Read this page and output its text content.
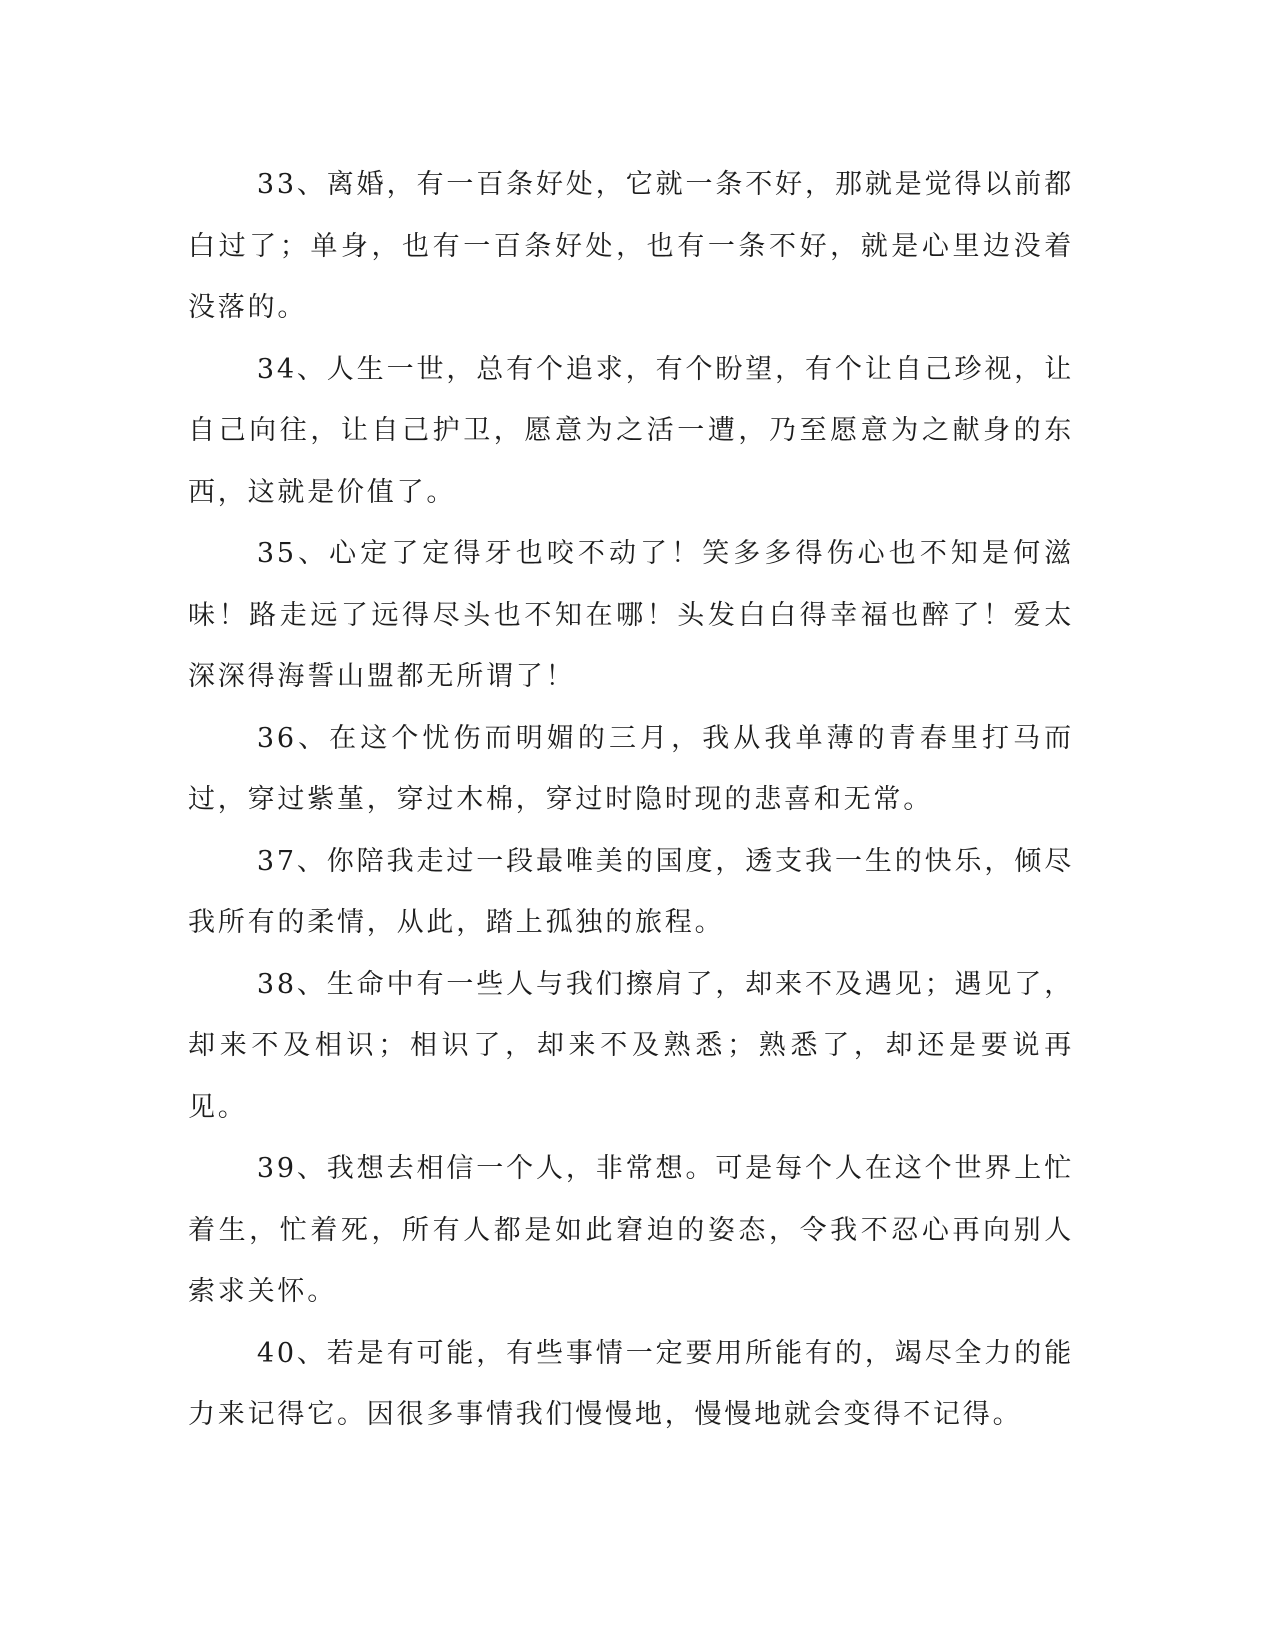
33、离婚，有一百条好处，它就一条不好，那就是觉得以前都白过了；单身，也有一百条好处，也有一条不好，就是心里边没着没落的。

34、人生一世，总有个追求，有个盼望，有个让自己珍视，让自己向往，让自己护卫，愿意为之活一遭，乃至愿意为之献身的东西，这就是价值了。

35、心定了定得牙也咬不动了！笑多多得伤心也不知是何滋味！路走远了远得尽头也不知在哪！头发白白得幸福也醉了！爱太深深得海誓山盟都无所谓了！

36、在这个忧伤而明媚的三月，我从我单薄的青春里打马而过，穿过紫堇，穿过木棉，穿过时隐时现的悲喜和无常。

37、你陪我走过一段最唯美的国度，透支我一生的快乐，倾尽我所有的柔情，从此，踏上孤独的旅程。

38、生命中有一些人与我们擦肩了，却来不及遇见；遇见了，却来不及相识；相识了，却来不及熟悉；熟悉了，却还是要说再见。

39、我想去相信一个人，非常想。可是每个人在这个世界上忙着生，忙着死，所有人都是如此窘迫的姿态，令我不忍心再向别人索求关怀。

40、若是有可能，有些事情一定要用所能有的，竭尽全力的能力来记得它。因很多事情我们慢慢地，慢慢地就会变得不记得。
